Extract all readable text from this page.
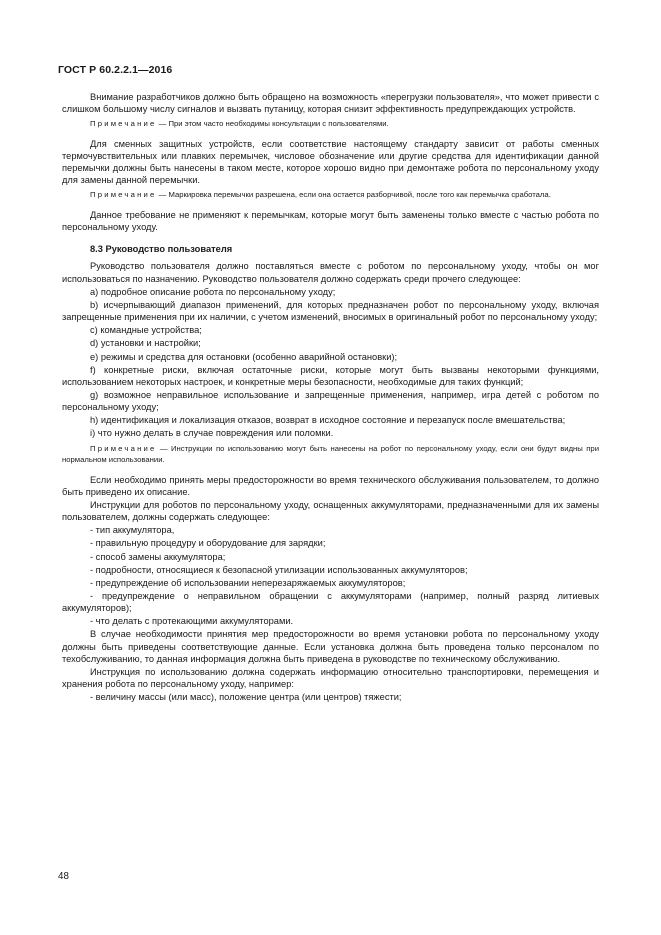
ГОСТ Р 60.2.2.1—2016

Внимание разработчиков должно быть обращено на возможность «перегрузки пользователя», что может привести с слишком большому числу сигналов и вызвать путаницу, которая снизит эффективность предупреждающих устройств.

Примечание — При этом часто необходимы консультации с пользователями.

Для сменных защитных устройств, если соответствие настоящему стандарту зависит от работы сменных термочувствительных или плавких перемычек, числовое обозначение или другие средства для идентификации данной перемычки должны быть нанесены в таком месте, которое хорошо видно при демонтаже робота по персональному уходу для замены данной перемычки.

Примечание — Маркировка перемычки разрешена, если она остается разборчивой, после того как перемычка сработала.

Данное требование не применяют к перемычкам, которые могут быть заменены только вместе с частью робота по персональному уходу.

8.3 Руководство пользователя

Руководство пользователя должно поставляться вместе с роботом по персональному уходу, чтобы он мог использоваться по назначению. Руководство пользователя должно содержать среди прочего следующее:

a) подробное описание робота по персональному уходу;

b) исчерпывающий диапазон применений, для которых предназначен робот по персональному уходу, включая запрещенные применения при их наличии, с учетом изменений, вносимых в оригинальный робот по персональному уходу;

c) командные устройства;

d) установки и настройки;

e) режимы и средства для остановки (особенно аварийной остановки);

f) конкретные риски, включая остаточные риски, которые могут быть вызваны некоторыми функциями, использованием некоторых настроек, и конкретные меры безопасности, необходимые для таких функций;

g) возможное неправильное использование и запрещенные применения, например, игра детей с роботом по персональному уходу;

h) идентификация и локализация отказов, возврат в исходное состояние и перезапуск после вмешательства;

i) что нужно делать в случае повреждения или поломки.

Примечание — Инструкции по использованию могут быть нанесены на робот по персональному уходу, если они будут видны при нормальном использовании.

Если необходимо принять меры предосторожности во время технического обслуживания пользователем, то должно быть приведено их описание.

Инструкции для роботов по персональному уходу, оснащенных аккумуляторами, предназначенными для их замены пользователем, должны содержать следующее:

- тип аккумулятора,

- правильную процедуру и оборудование для зарядки;

- способ замены аккумулятора;

- подробности, относящиеся к безопасной утилизации использованных аккумуляторов;

- предупреждение об использовании неперезаряжаемых аккумуляторов;

- предупреждение о неправильном обращении с аккумуляторами (например, полный разряд литиевых аккумуляторов);

- что делать с протекающими аккумуляторами.

В случае необходимости принятия мер предосторожности во время установки робота по персональному уходу должны быть приведены соответствующие данные. Если установка должна быть проведена только персоналом по техобслуживанию, то данная информация должна быть приведена в руководстве по техническому обслуживанию.

Инструкция по использованию должна содержать информацию относительно транспортировки, перемещения и хранения робота по персональному уходу, например:

- величину массы (или масс), положение центра (или центров) тяжести;

48
